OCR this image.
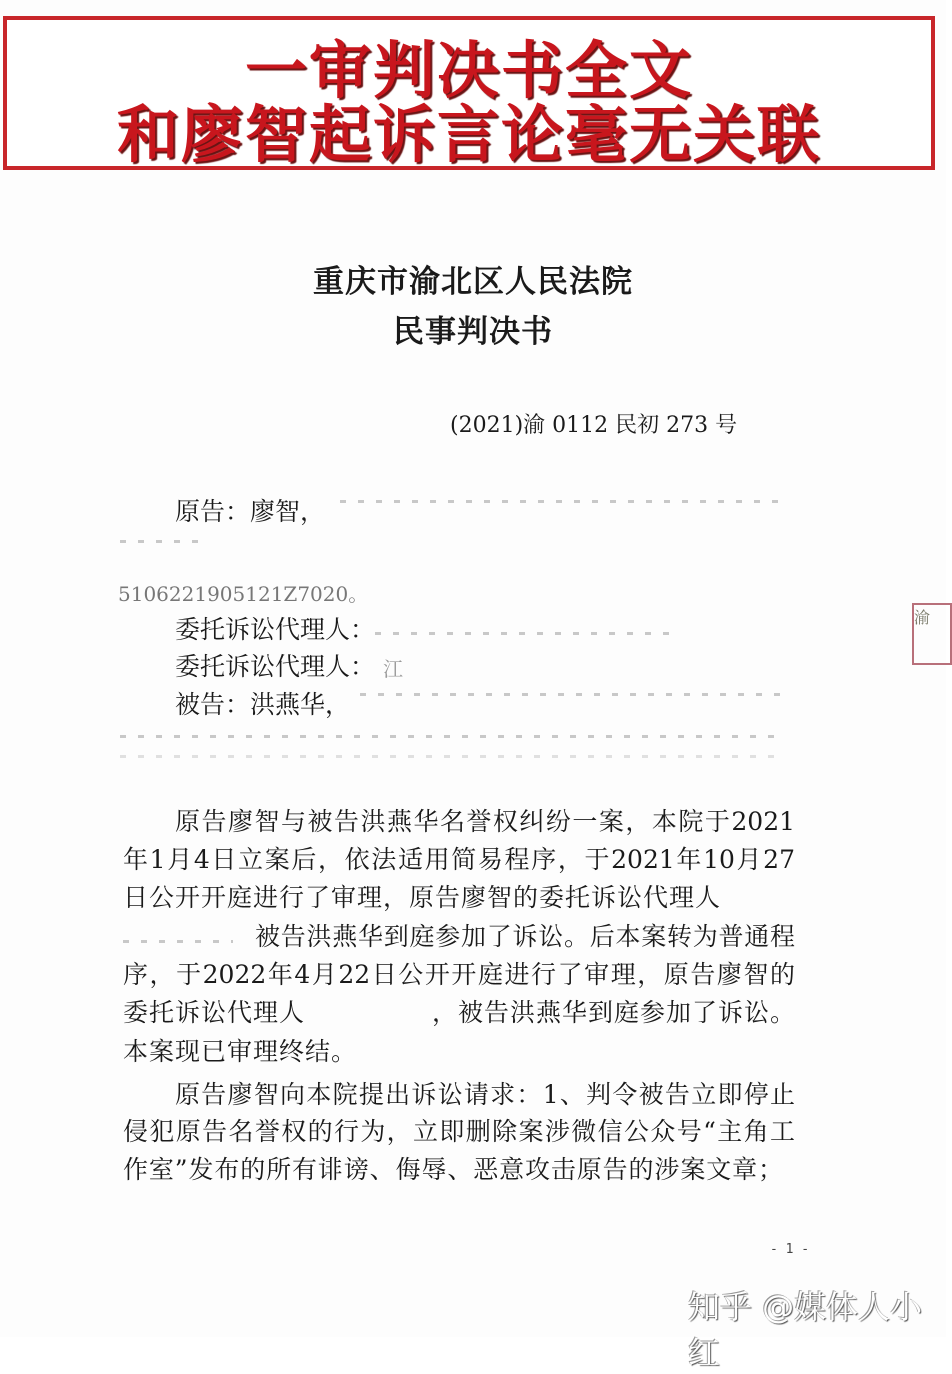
一审判决书全文
和廖智起诉言论毫无关联
重庆市渝北区人民法院
民事判决书
(2021)渝 0112 民初 273 号
原告：廖智，
5106221905121Z7020。
委托诉讼代理人：
委托诉讼代理人： 江
被告：洪燕华，
原告廖智与被告洪燕华名誉权纠纷一案，本院于2021
年1月4日立案后，依法适用简易程序，于2021年10月27
日公开开庭进行了审理，原告廖智的委托诉讼代理人
被告洪燕华到庭参加了诉讼。后本案转为普通程
序，于2022年4月22日公开开庭进行了审理，原告廖智的
委托诉讼代理人	，被告洪燕华到庭参加了诉讼。
本案现已审理终结。
原告廖智向本院提出诉讼请求：1、判令被告立即停止
侵犯原告名誉权的行为，立即删除案涉微信公众号“主角工
作室”发布的所有诽谤、侮辱、恶意攻击原告的涉案文章；
渝
- 1 -
知乎 @媒体人小红
